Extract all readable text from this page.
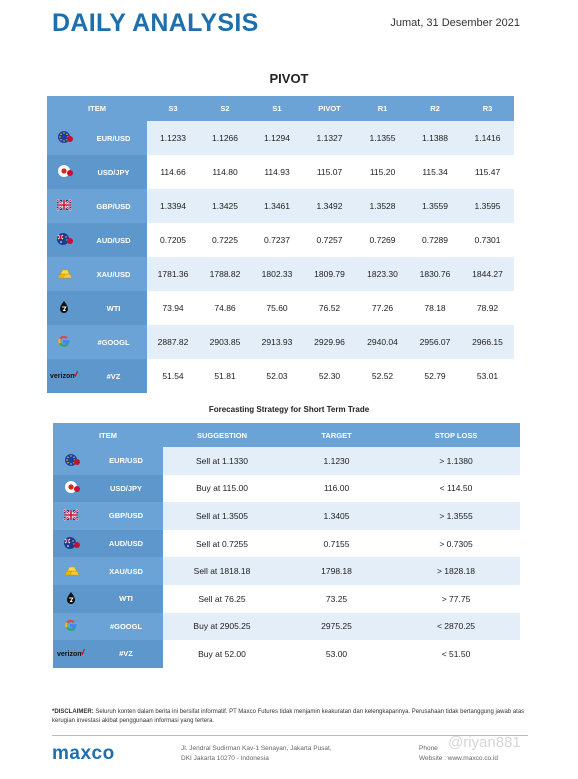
DAILY ANALYSIS	Jumat, 31 Desember 2021
PIVOT
ITEM		S3	S2	S1	PIVOT	R1	R2	R3
	EUR/USD	1.1233	1.1266	1.1294	1.1327	1.1355	1.1388	1.1416
	USD/JPY	114.66	114.80	114.93	115.07	115.20	115.34	115.47
	GBP/USD	1.3394	1.3425	1.3461	1.3492	1.3528	1.3559	1.3595
	AUD/USD	0.7205	0.7225	0.7237	0.7257	0.7269	0.7289	0.7301
	XAU/USD	1781.36	1788.82	1802.33	1809.79	1823.30	1830.76	1844.27
	WTI	73.94	74.86	75.60	76.52	77.26	78.18	78.92
	#GOOGL	2887.82	2903.85	2913.93	2929.96	2940.04	2956.07	2966.15

verizon	#VZ	51.54	51.81	52.03	52.30	52.52	52.79	53.01
Forecasting Strategy for Short Term Trade
ITEM		SUGGESTION	TARGET	STOP LOSS
	EUR/USD	Sell at 1.1330	1.1230	> 1.1380
	USD/JPY	Buy at 115.00	116.00	< 114.50
	GBP/USD	Sell at 1.3505	1.3405	> 1.3555
	AUD/USD	Sell at 0.7255	0.7155	> 0.7305
	XAU/USD	Sell at 1818.18	1798.18	> 1828.18
	WTI	Sell at 76.25	73.25	> 77.75
	#GOOGL	Buy at 2905.25	2975.25	< 2870.25

verizon	#VZ	Buy at 52.00	53.00	< 51.50
*DISCLAIMER: Seluruh konten dalam berita ini bersifat informatif. PT Maxco Futures tidak menjamin keakuratan dan kelengkapannya. Perusahaan tidak bertanggung jawab atas kerugian investasi akibat penggunaan informasi yang tertera.
maxco	Jl. Jendral Sudirman Kav-1 Senayan, Jakarta Pusat,
DKI Jakarta 10270 - Indonesia
Phone
Website : www.maxco.co.id
@riyan881
